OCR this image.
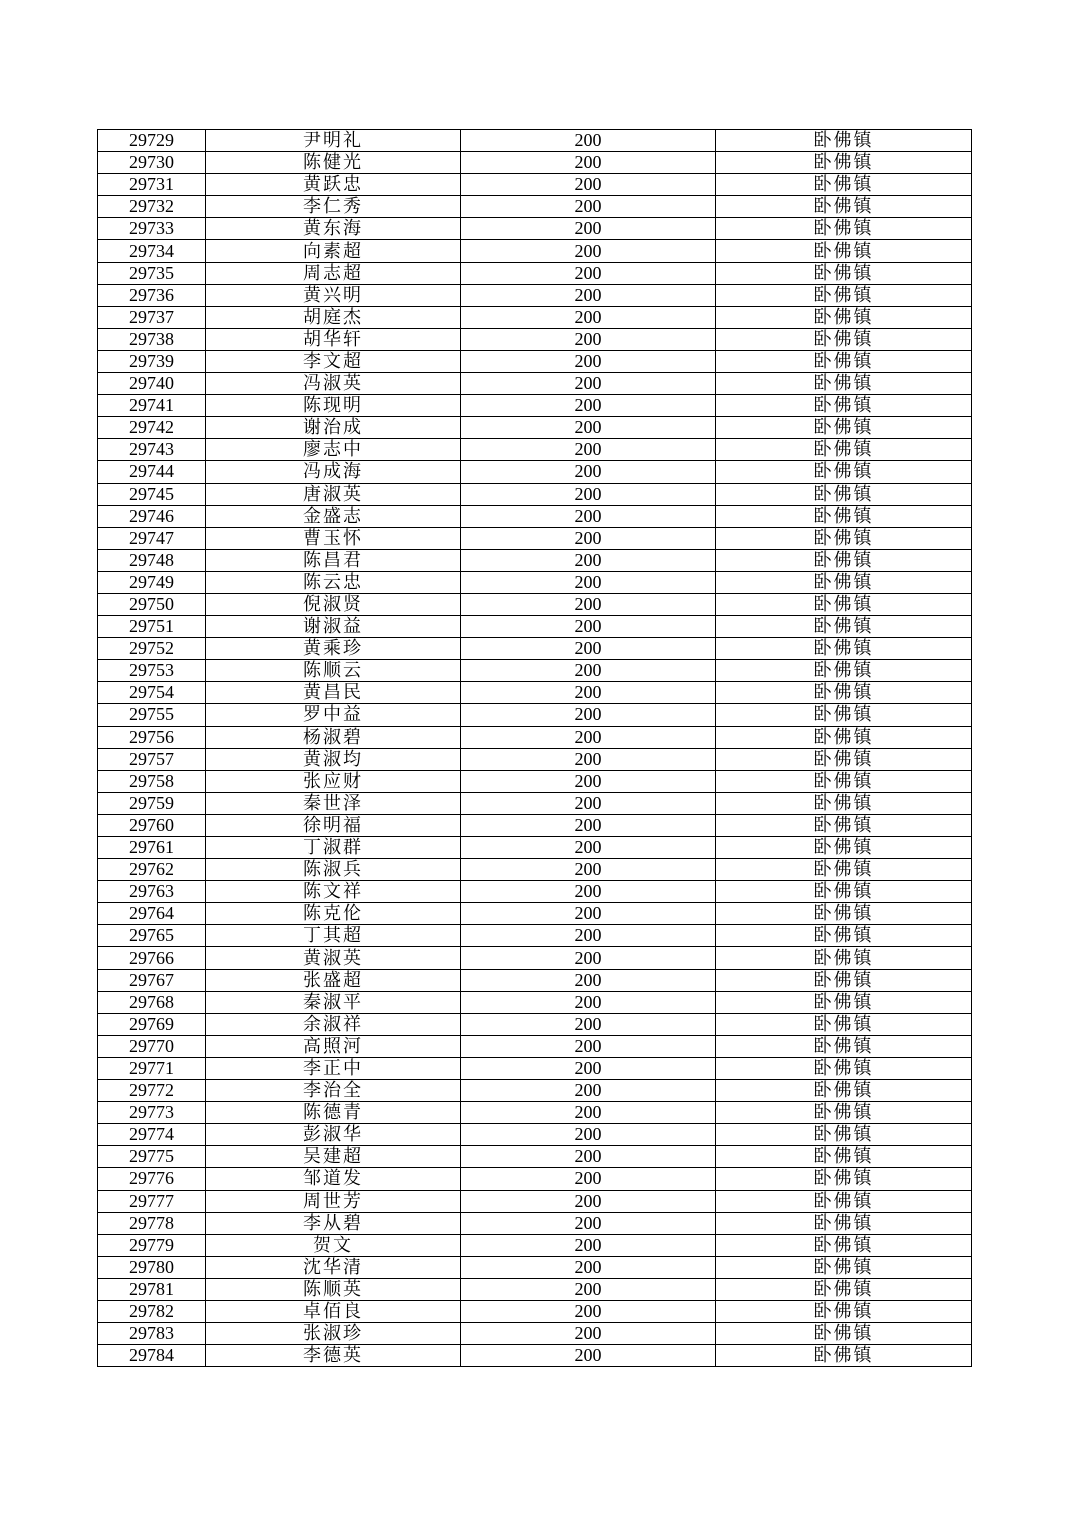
29729	尹明礼	200	卧佛镇
29730	陈健光	200	卧佛镇
29731	黄跃忠	200	卧佛镇
29732	李仁秀	200	卧佛镇
29733	黄东海	200	卧佛镇
29734	向素超	200	卧佛镇
29735	周志超	200	卧佛镇
29736	黄兴明	200	卧佛镇
29737	胡庭杰	200	卧佛镇
29738	胡华轩	200	卧佛镇
29739	李文超	200	卧佛镇
29740	冯淑英	200	卧佛镇
29741	陈现明	200	卧佛镇
29742	谢治成	200	卧佛镇
29743	廖志中	200	卧佛镇
29744	冯成海	200	卧佛镇
29745	唐淑英	200	卧佛镇
29746	金盛志	200	卧佛镇
29747	曹玉怀	200	卧佛镇
29748	陈昌君	200	卧佛镇
29749	陈云忠	200	卧佛镇
29750	倪淑贤	200	卧佛镇
29751	谢淑益	200	卧佛镇
29752	黄乘珍	200	卧佛镇
29753	陈顺云	200	卧佛镇
29754	黄昌民	200	卧佛镇
29755	罗中益	200	卧佛镇
29756	杨淑碧	200	卧佛镇
29757	黄淑均	200	卧佛镇
29758	张应财	200	卧佛镇
29759	秦世泽	200	卧佛镇
29760	徐明福	200	卧佛镇
29761	丁淑群	200	卧佛镇
29762	陈淑兵	200	卧佛镇
29763	陈文祥	200	卧佛镇
29764	陈克伦	200	卧佛镇
29765	丁其超	200	卧佛镇
29766	黄淑英	200	卧佛镇
29767	张盛超	200	卧佛镇
29768	秦淑平	200	卧佛镇
29769	余淑祥	200	卧佛镇
29770	高照河	200	卧佛镇
29771	李正中	200	卧佛镇
29772	李治全	200	卧佛镇
29773	陈德青	200	卧佛镇
29774	彭淑华	200	卧佛镇
29775	吴建超	200	卧佛镇
29776	邹道发	200	卧佛镇
29777	周世芳	200	卧佛镇
29778	李从碧	200	卧佛镇
29779	贺文	200	卧佛镇
29780	沈华清	200	卧佛镇
29781	陈顺英	200	卧佛镇
29782	卓佰良	200	卧佛镇
29783	张淑珍	200	卧佛镇
29784	李德英	200	卧佛镇
